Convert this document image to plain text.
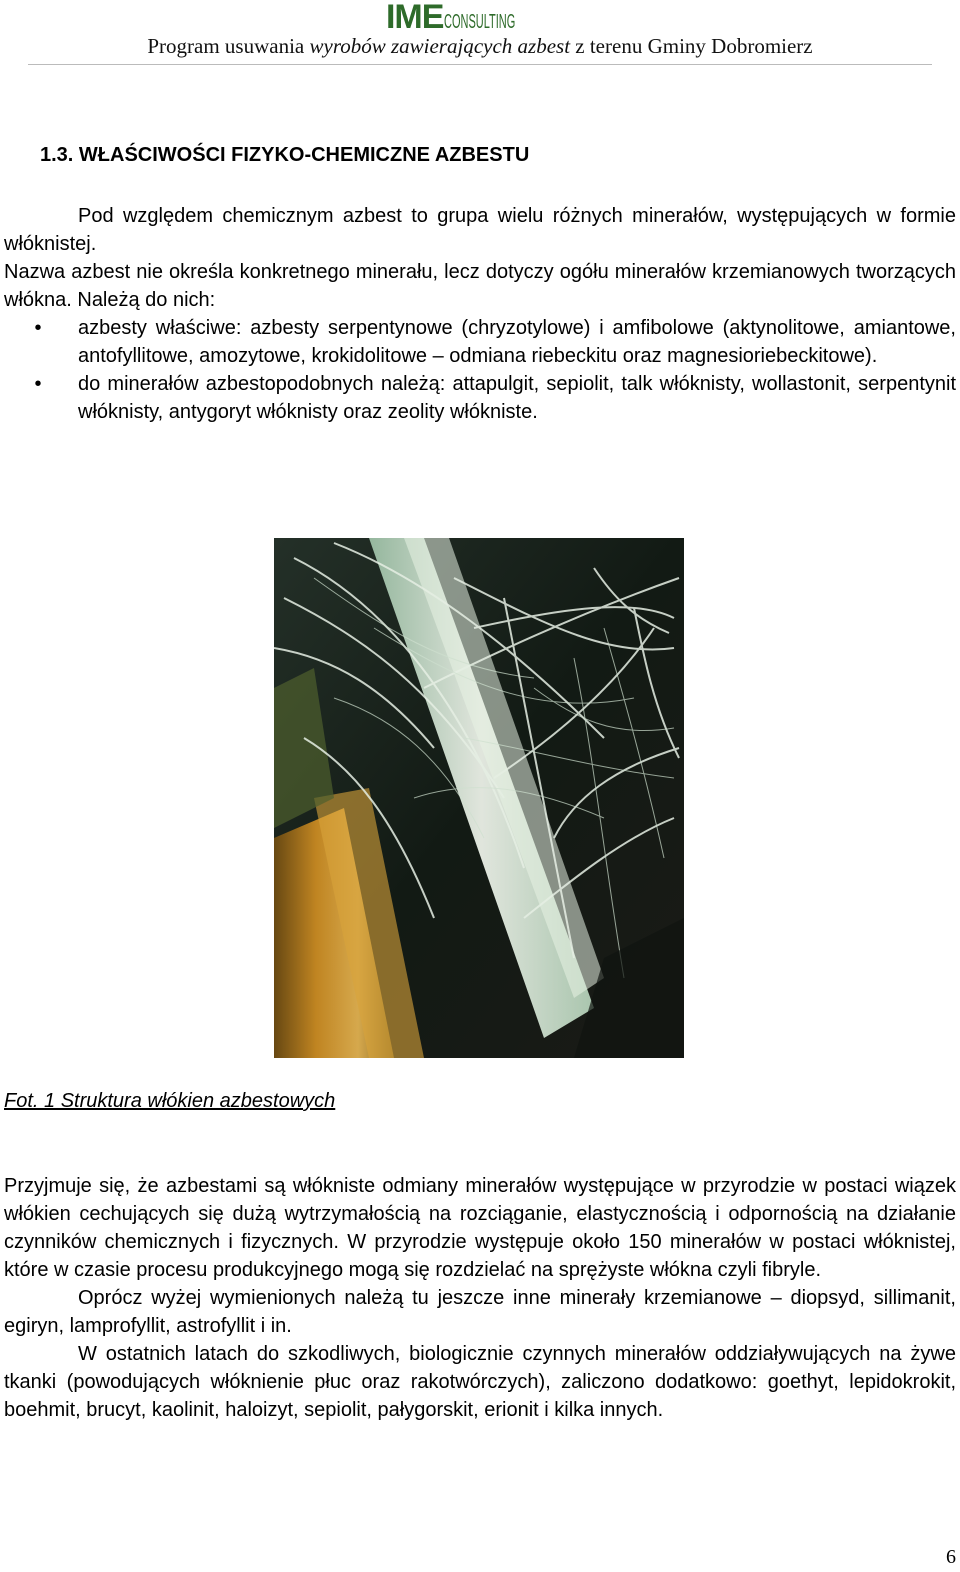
IMECONSULTING
Program usuwania wyrobów zawierających azbest z terenu Gminy Dobromierz
1.3. WŁAŚCIWOŚCI FIZYKO-CHEMICZNE AZBESTU

Pod względem chemicznym azbest to grupa wielu różnych minerałów, występujących w formie włóknistej.

Nazwa azbest nie określa konkretnego minerału, lecz dotyczy ogółu minerałów krzemianowych tworzących włókna. Należą do nich:

•	azbesty właściwe: azbesty serpentynowe (chryzotylowe) i amfibolowe (aktynolitowe, amiantowe, antofyllitowe, amozytowe, krokidolitowe – odmiana riebeckitu oraz magnesioriebeckitowe).
•	do minerałów azbestopodobnych należą: attapulgit, sepiolit, talk włóknisty, wollastonit, serpentynit włóknisty, antygoryt włóknisty oraz zeolity włókniste.
Fot. 1 Struktura włókien azbestowych

Przyjmuje się, że azbestami są włókniste odmiany minerałów występujące w przyrodzie w postaci wiązek włókien cechujących się dużą wytrzymałością na rozciąganie, elastycznością i odpornością na działanie czynników chemicznych i fizycznych. W przyrodzie występuje około 150 minerałów w postaci włóknistej, które w czasie procesu produkcyjnego mogą się rozdzielać na sprężyste włókna czyli fibryle.

Oprócz wyżej wymienionych należą tu jeszcze inne minerały krzemianowe – diopsyd, sillimanit, egiryn, lamprofyllit, astrofyllit i in.

W ostatnich latach do szkodliwych, biologicznie czynnych minerałów oddziaływujących na żywe tkanki (powodujących włóknienie płuc oraz rakotwórczych), zaliczono dodatkowo: goethyt, lepidokrokit, boehmit, brucyt, kaolinit, haloizyt, sepiolit, pałygorskit, erionit i kilka innych.

6
